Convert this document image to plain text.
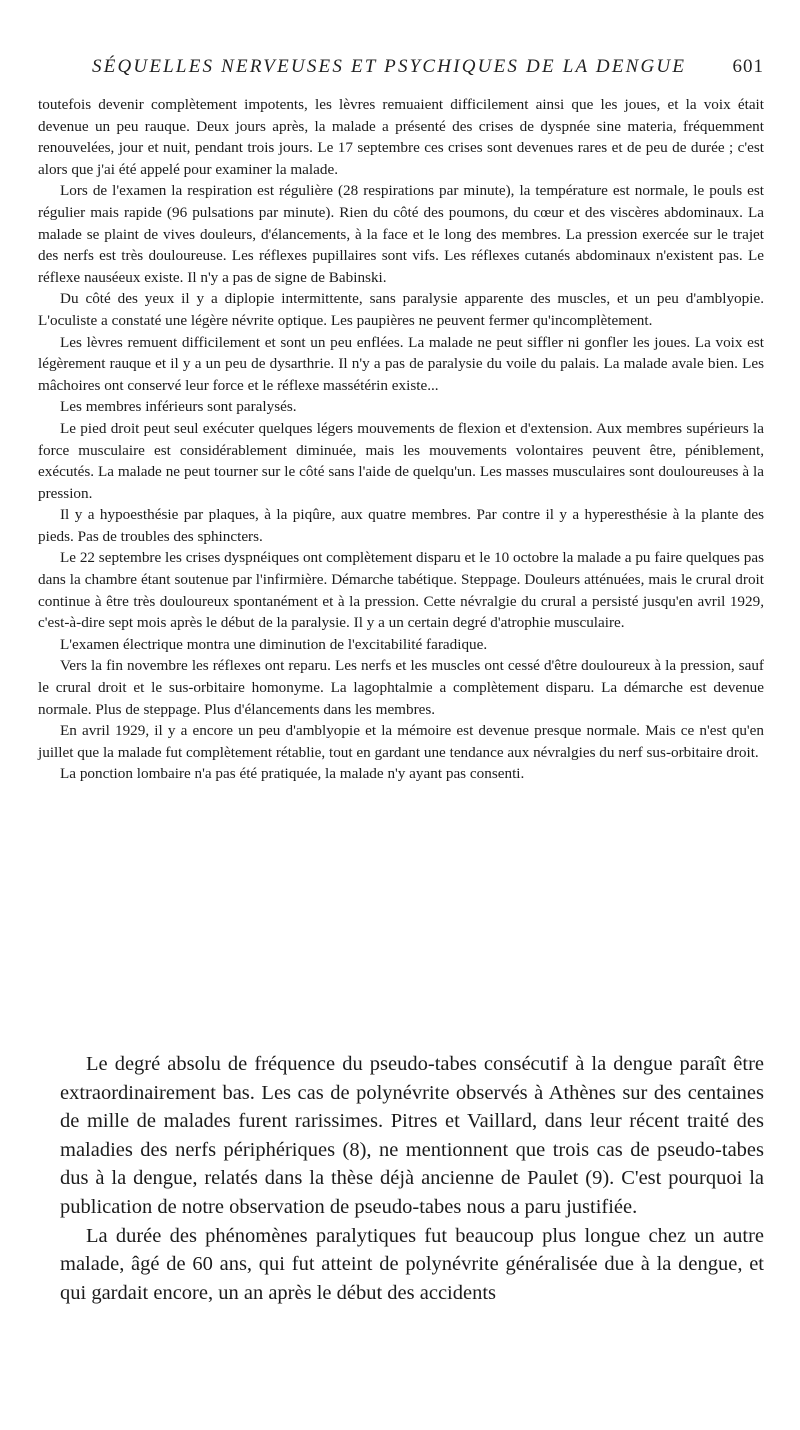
SÉQUELLES NERVEUSES ET PSYCHIQUES DE LA DENGUE 601

toutefois devenir complètement impotents, les lèvres remuaient difficilement ainsi que les joues, et la voix était devenue un peu rauque. Deux jours après, la malade a présenté des crises de dyspnée sine materia, fréquemment renouvelées, jour et nuit, pendant trois jours. Le 17 septembre ces crises sont devenues rares et de peu de durée ; c'est alors que j'ai été appelé pour examiner la malade.

Lors de l'examen la respiration est régulière (28 respirations par minute), la température est normale, le pouls est régulier mais rapide (96 pulsations par minute). Rien du côté des poumons, du cœur et des viscères abdominaux. La malade se plaint de vives douleurs, d'élancements, à la face et le long des membres. La pression exercée sur le trajet des nerfs est très douloureuse. Les réflexes pupillaires sont vifs. Les réflexes cutanés abdominaux n'existent pas. Le réflexe nauséeux existe. Il n'y a pas de signe de Babinski.

Du côté des yeux il y a diplopie intermittente, sans paralysie apparente des muscles, et un peu d'amblyopie. L'oculiste a constaté une légère névrite optique. Les paupières ne peuvent fermer qu'incomplètement.

Les lèvres remuent difficilement et sont un peu enflées. La malade ne peut siffler ni gonfler les joues. La voix est légèrement rauque et il y a un peu de dysarthrie. Il n'y a pas de paralysie du voile du palais. La malade avale bien. Les mâchoires ont conservé leur force et le réflexe massétérin existe...

Les membres inférieurs sont paralysés.

Le pied droit peut seul exécuter quelques légers mouvements de flexion et d'extension. Aux membres supérieurs la force musculaire est considérablement diminuée, mais les mouvements volontaires peuvent être, péniblement, exécutés. La malade ne peut tourner sur le côté sans l'aide de quelqu'un. Les masses musculaires sont douloureuses à la pression.

Il y a hypoesthésie par plaques, à la piqûre, aux quatre membres. Par contre il y a hyperesthésie à la plante des pieds. Pas de troubles des sphincters.

Le 22 septembre les crises dyspnéiques ont complètement disparu et le 10 octobre la malade a pu faire quelques pas dans la chambre étant soutenue par l'infirmière. Démarche tabétique. Steppage. Douleurs atténuées, mais le crural droit continue à être très douloureux spontanément et à la pression. Cette névralgie du crural a persisté jusqu'en avril 1929, c'est-à-dire sept mois après le début de la paralysie. Il y a un certain degré d'atrophie musculaire.

L'examen électrique montra une diminution de l'excitabilité faradique.

Vers la fin novembre les réflexes ont reparu. Les nerfs et les muscles ont cessé d'être douloureux à la pression, sauf le crural droit et le sus-orbitaire homonyme. La lagophtalmie a complètement disparu. La démarche est devenue normale. Plus de steppage. Plus d'élancements dans les membres.

En avril 1929, il y a encore un peu d'amblyopie et la mémoire est devenue presque normale. Mais ce n'est qu'en juillet que la malade fut complètement rétablie, tout en gardant une tendance aux névralgies du nerf sus-orbitaire droit.

La ponction lombaire n'a pas été pratiquée, la malade n'y ayant pas consenti.

Le degré absolu de fréquence du pseudo-tabes consécutif à la dengue paraît être extraordinairement bas. Les cas de polynévrite observés à Athènes sur des centaines de mille de malades furent rarissimes. Pitres et Vaillard, dans leur récent traité des maladies des nerfs périphériques (8), ne mentionnent que trois cas de pseudo-tabes dus à la dengue, relatés dans la thèse déjà ancienne de Paulet (9). C'est pourquoi la publication de notre observation de pseudo-tabes nous a paru justifiée.

La durée des phénomènes paralytiques fut beaucoup plus longue chez un autre malade, âgé de 60 ans, qui fut atteint de polynévrite généralisée due à la dengue, et qui gardait encore, un an après le début des accidents
